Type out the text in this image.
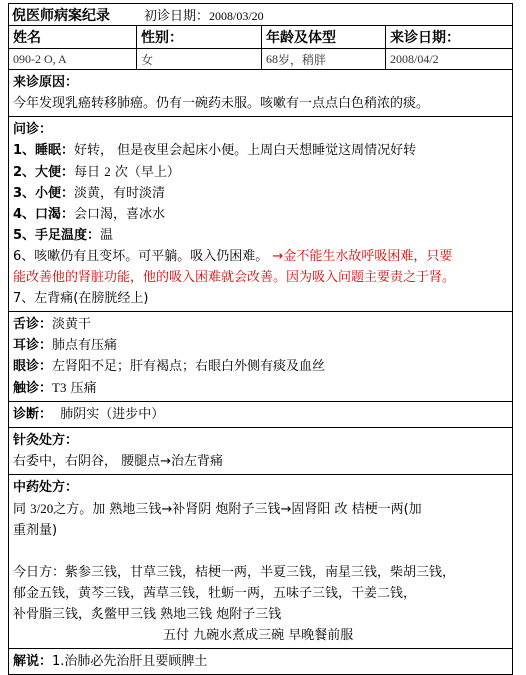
倪医师病案纪录	初诊日期：2008/03/20
姓名	性别：	年龄及体型	来诊日期：
090-2 O, A	女	68 岁，稍胖	2008/04/2
来诊原因：
今年发现乳癌转移肺癌。仍有一碗药未服。咳嗽有一点点白色稍浓的痰。
问诊：
1、睡眠：好转， 但是夜里会起床小便。上周白天想睡觉这周情况好转
2、大便：每日 2 次（早上）
3、小便：淡黄，有时淡清
4、口渴：会口渴，喜冰水
5、手足温度：温
6、咳嗽仍有且变坏。可平躺。吸入仍困难。 →金不能生水故呼吸困难，只要
能改善他的肾脏功能，他的吸入困难就会改善。因为吸入问题主要责之于肾。
7、左背痛(在膀胱经上)
舌诊：淡黄干
耳诊：肺点有压痛
眼诊：左肾阳不足；肝有褐点；右眼白外侧有痰及血丝
触诊：T3 压痛
诊断： 肺阴实（进步中）
针灸处方：
右委中，右阴谷， 腰腿点→治左背痛
中药处方：
同 3/20之方。加 熟地三钱→补肾阴 炮附子三钱→固肾阳 改 桔梗一两(加
重剂量)

今日方：紫参三钱，甘草三钱，桔梗一两，半夏三钱，南星三钱，柴胡三钱，
郁金五钱，黄芩三钱，茜草三钱，牡蛎一两，五味子三钱，干姜二钱，
补骨脂三钱，炙鳖甲三钱 熟地三钱 炮附子三钱
五付 九碗水煮成三碗 早晚餐前服
解说：1.治肺必先治肝且要顾脾土
